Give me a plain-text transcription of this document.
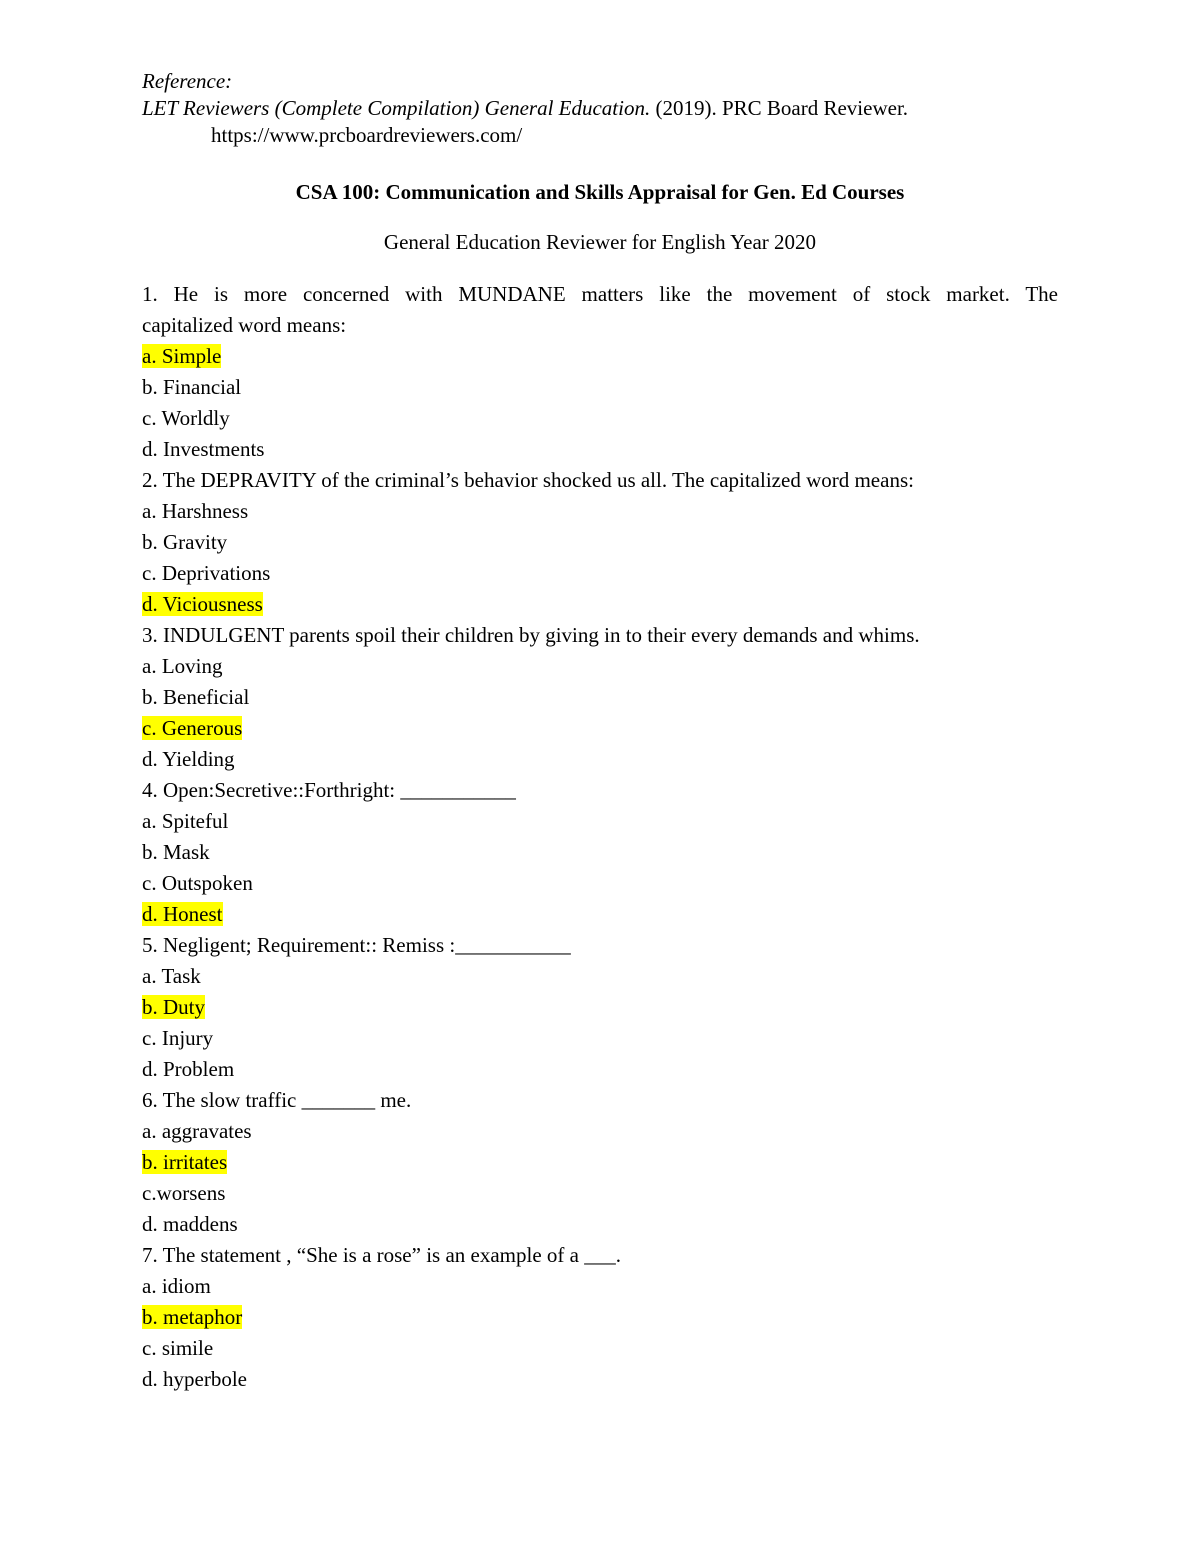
Reference:
LET Reviewers (Complete Compilation) General Education. (2019). PRC Board Reviewer.
https://www.prcboardreviewers.com/
CSA 100: Communication and Skills Appraisal for Gen. Ed Courses
General Education Reviewer for English Year 2020
1. He is more concerned with MUNDANE matters like the movement of stock market. The
capitalized word means:
a. Simple
b. Financial
c. Worldly
d. Investments
2. The DEPRAVITY of the criminal’s behavior shocked us all. The capitalized word means:
a. Harshness
b. Gravity
c. Deprivations
d. Viciousness
3. INDULGENT parents spoil their children by giving in to their every demands and whims.
a. Loving
b. Beneficial
c. Generous
d. Yielding
4. Open:Secretive::Forthright: ___________
a. Spiteful
b. Mask
c. Outspoken
d. Honest
5. Negligent; Requirement:: Remiss :___________
a. Task
b. Duty
c. Injury
d. Problem
6. The slow traffic _______ me.
a. aggravates
b. irritates
c.worsens
d. maddens
7. The statement , “She is a rose” is an example of a ___.
a. idiom
b. metaphor
c. simile
d. hyperbole
